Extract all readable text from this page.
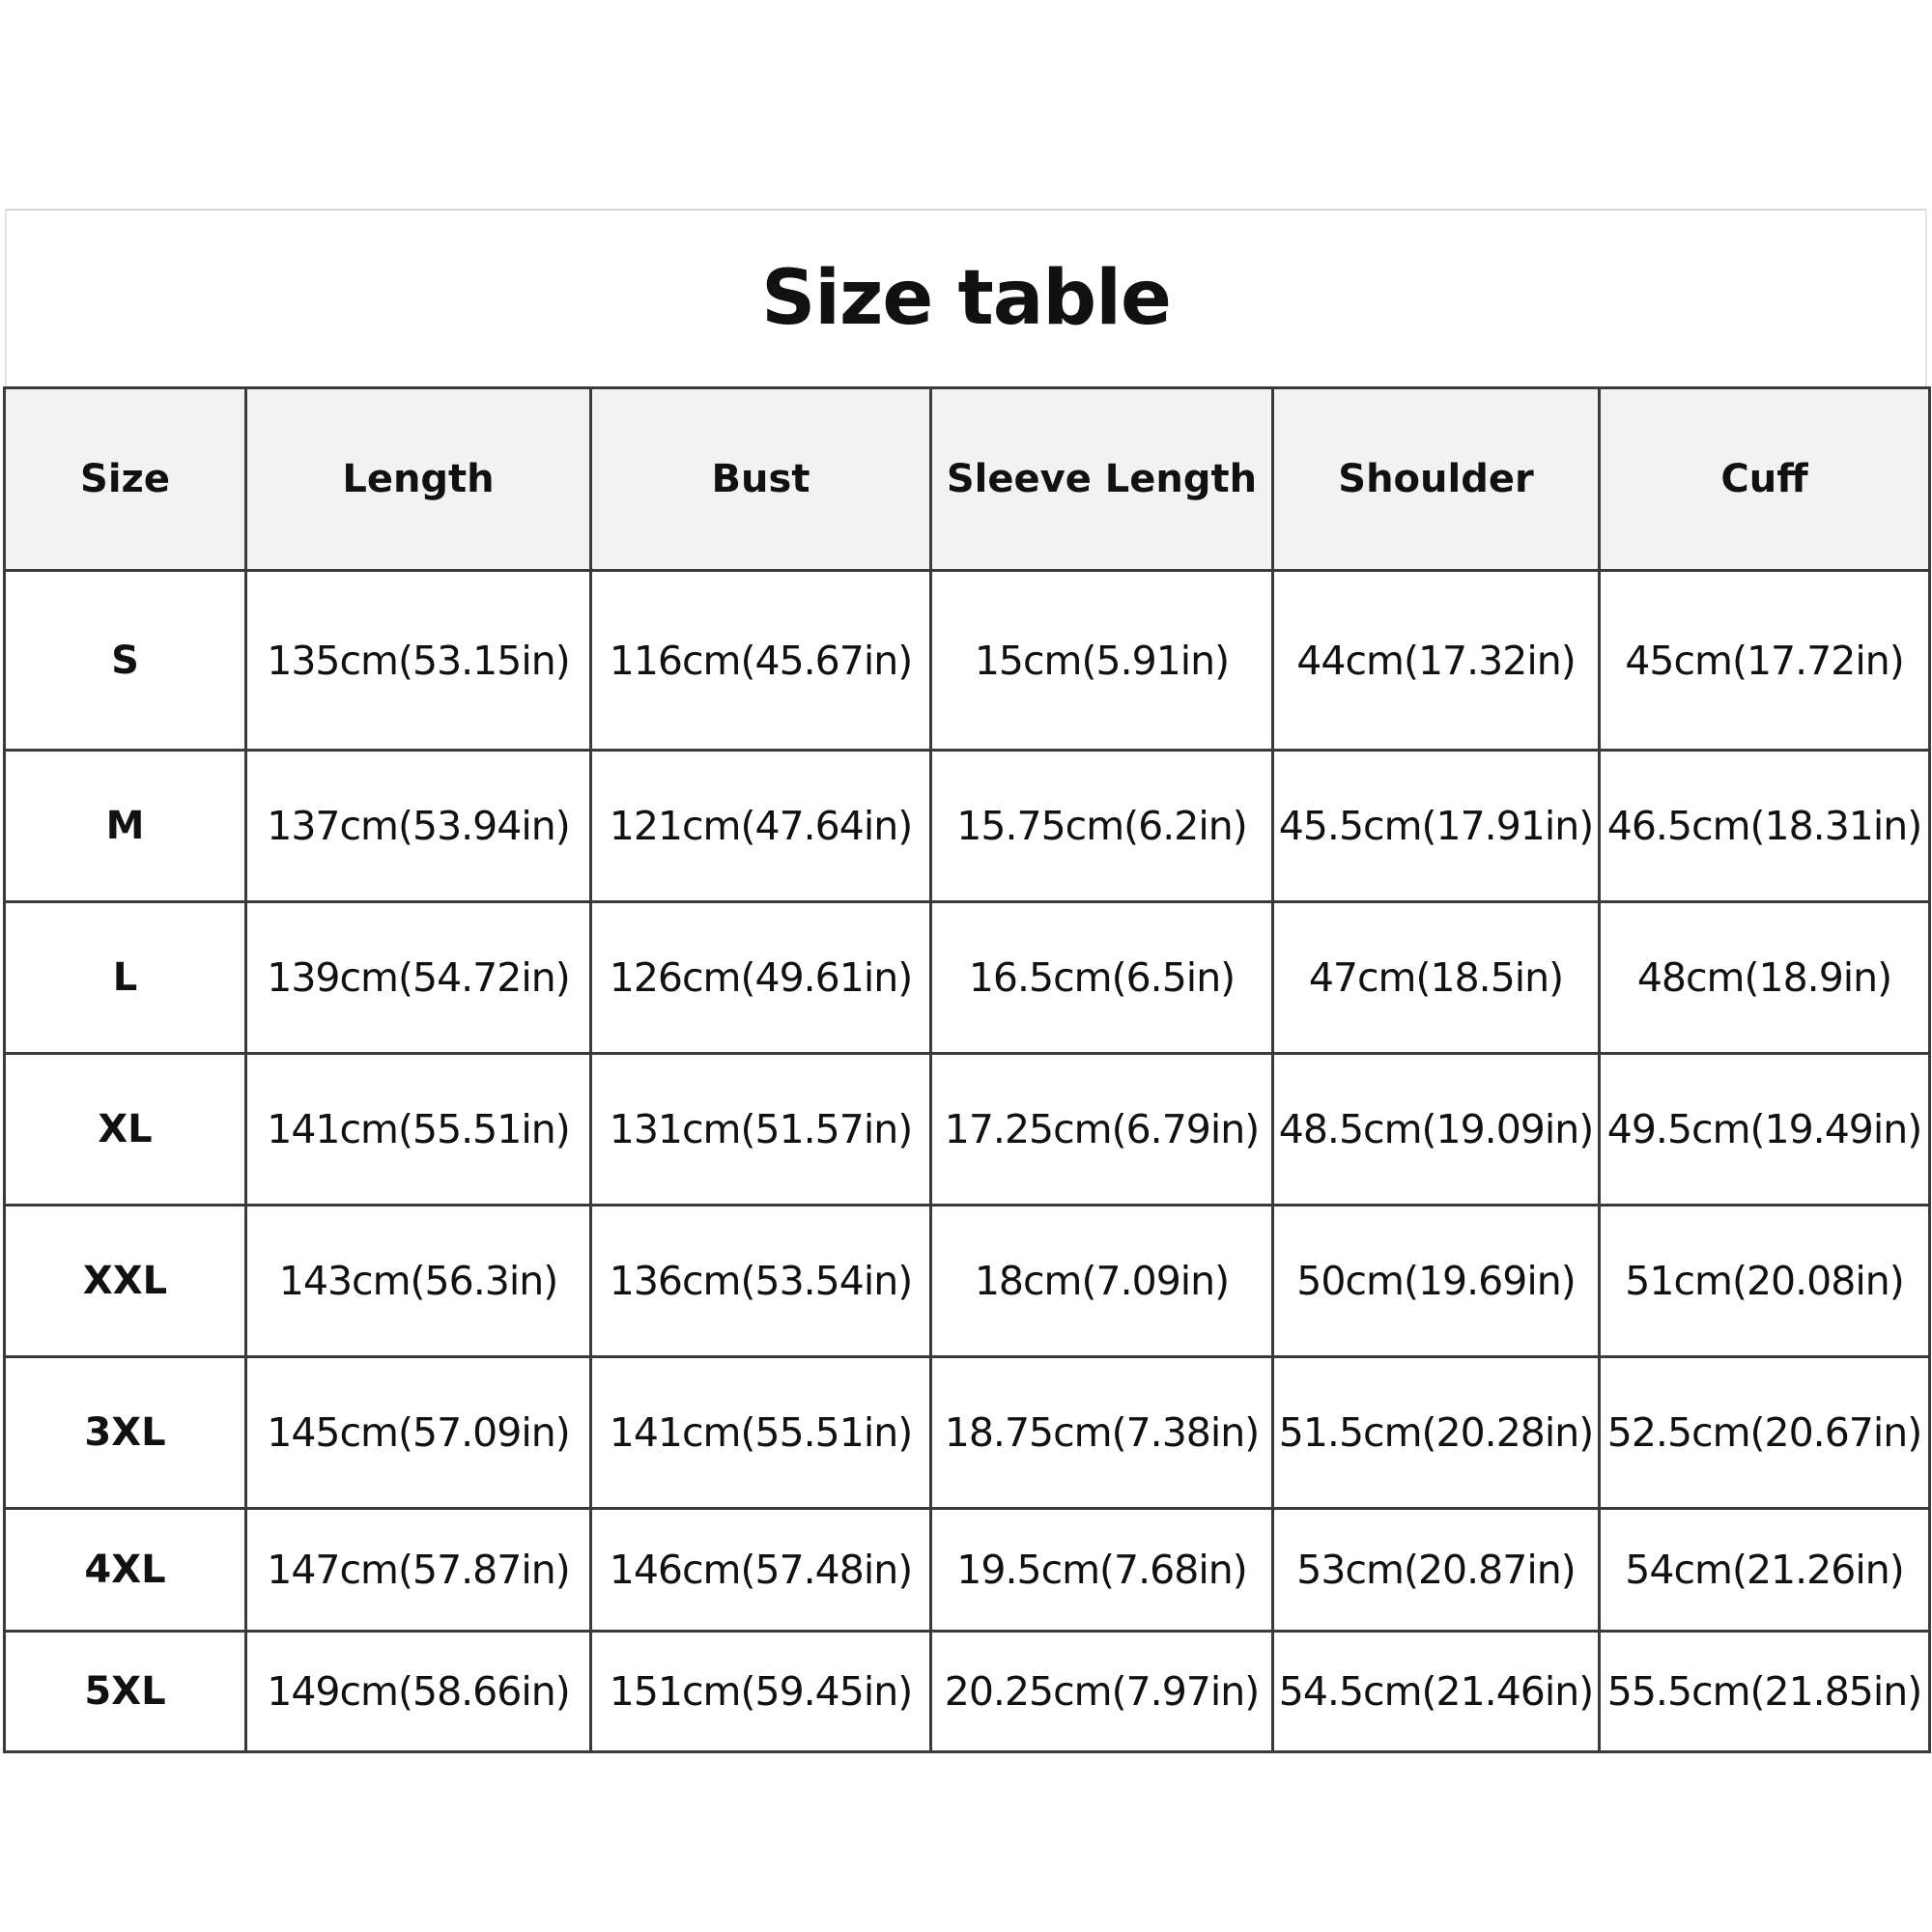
Size table
Size	Length	Bust	Sleeve Length	Shoulder	Cuff
S	135cm(53.15in)	116cm(45.67in)	15cm(5.91in)	44cm(17.32in)	45cm(17.72in)
M	137cm(53.94in)	121cm(47.64in)	15.75cm(6.2in)	45.5cm(17.91in)	46.5cm(18.31in)
L	139cm(54.72in)	126cm(49.61in)	16.5cm(6.5in)	47cm(18.5in)	48cm(18.9in)
XL	141cm(55.51in)	131cm(51.57in)	17.25cm(6.79in)	48.5cm(19.09in)	49.5cm(19.49in)
XXL	143cm(56.3in)	136cm(53.54in)	18cm(7.09in)	50cm(19.69in)	51cm(20.08in)
3XL	145cm(57.09in)	141cm(55.51in)	18.75cm(7.38in)	51.5cm(20.28in)	52.5cm(20.67in)
4XL	147cm(57.87in)	146cm(57.48in)	19.5cm(7.68in)	53cm(20.87in)	54cm(21.26in)
5XL	149cm(58.66in)	151cm(59.45in)	20.25cm(7.97in)	54.5cm(21.46in)	55.5cm(21.85in)
